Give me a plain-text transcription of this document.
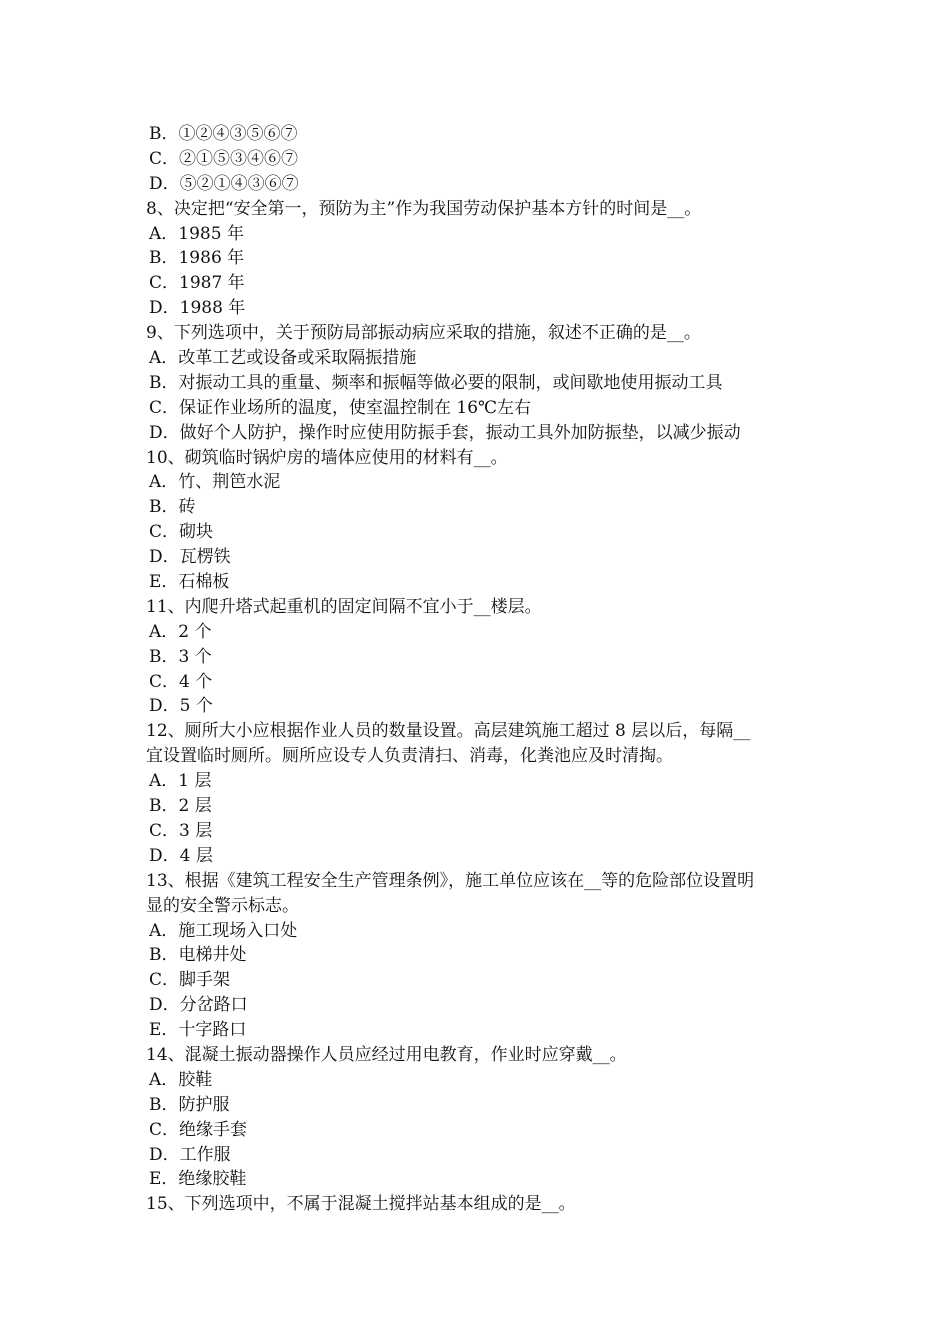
B．①②④③⑤⑥⑦
C．②①⑤③④⑥⑦
D．⑤②①④③⑥⑦
8、决定把“安全第一，预防为主”作为我国劳动保护基本方针的时间是__。
A．1985 年
B．1986 年
C．1987 年
D．1988 年
9、下列选项中，关于预防局部振动病应采取的措施，叙述不正确的是__。
A．改革工艺或设备或采取隔振措施
B．对振动工具的重量、频率和振幅等做必要的限制，或间歇地使用振动工具
C．保证作业场所的温度，使室温控制在 16℃左右
D．做好个人防护，操作时应使用防振手套，振动工具外加防振垫，以减少振动
10、砌筑临时锅炉房的墙体应使用的材料有__。
A．竹、荆笆水泥
B．砖
C．砌块
D．瓦楞铁
E．石棉板
11、内爬升塔式起重机的固定间隔不宜小于__楼层。
A．2 个
B．3 个
C．4 个
D．5 个
12、厕所大小应根据作业人员的数量设置。高层建筑施工超过 8 层以后，每隔__
宜设置临时厕所。厕所应设专人负责清扫、消毒，化粪池应及时清掏。
A．1 层
B．2 层
C．3 层
D．4 层
13、根据《建筑工程安全生产管理条例》，施工单位应该在__等的危险部位设置明
显的安全警示标志。
A．施工现场入口处
B．电梯井处
C．脚手架
D．分岔路口
E．十字路口
14、混凝土振动器操作人员应经过用电教育，作业时应穿戴__。
A．胶鞋
B．防护服
C．绝缘手套
D．工作服
E．绝缘胶鞋
15、下列选项中，不属于混凝土搅拌站基本组成的是__。
